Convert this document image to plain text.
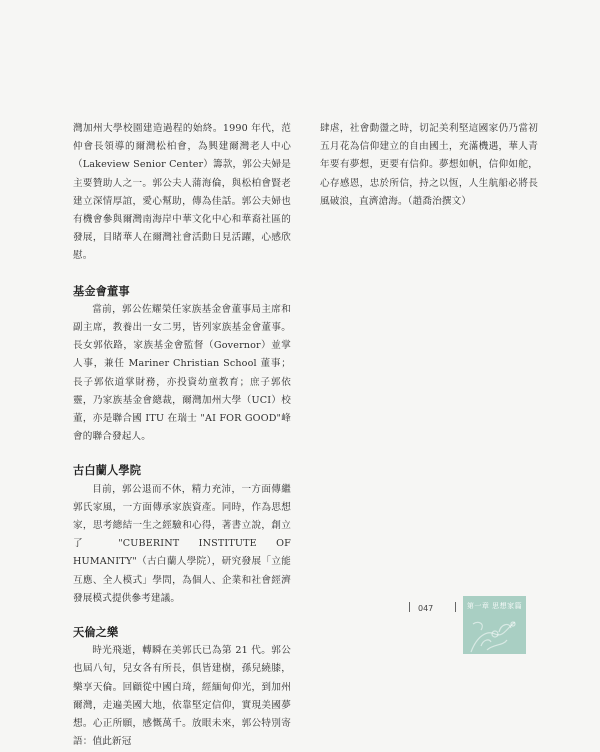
灣加州大學校園建造過程的始終。1990 年代，范仲會長領導的爾灣松柏會，為興建爾灣老人中心（Lakeview Senior Center）籌款，郭公夫婦是主要贊助人之一。郭公夫人蒲海倫，與松柏會賢老建立深情厚誼，愛心幫助，傳為佳話。郭公夫婦也有機會參與爾灣南海岸中華文化中心和華裔社區的發展，目睹華人在爾灣社會活動日見活躍，心感欣慰。

基金會董事

當前，郭公佐耀榮任家族基金會董事局主席和副主席，教養出一女二男，皆列家族基金會董事。長女郭依路，家族基金會監督（Governor）並掌人事，兼任 Mariner Christian School 董事；長子郭依道掌財務，亦投資幼童教育；庶子郭依靈，乃家族基金會總裁，爾灣加州大學（UCI）校董，亦是聯合國 ITU 在瑞士 "AI FOR GOOD"峰會的聯合發起人。

古白蘭人學院

目前，郭公退而不休，精力充沛，一方面傳繼郭氏家風，一方面傳承家族資產。同時，作為思想家，思考總結一生之經驗和心得，著書立說，創立了 "CUBERINT INSTITUTE OF HUMANITY"（古白蘭人學院），研究發展「立能互應、全人模式」學問，為個人、企業和社會經濟發展模式提供參考建議。

天倫之樂

時光飛逝，轉瞬在美郭氏已為第 21 代。郭公也屆八旬，兒女各有所長，俱皆建樹，孫兒繞膝，樂享天倫。回顧從中國白琦，經緬甸仰光，到加州爾灣，走遍美國大地，依靠堅定信仰，實現美國夢想。心正所願，感慨萬千。放眼未來，郭公特別寄語：值此新冠

肆虐，社會動盪之時，切記美利堅這國家仍乃當初五月花為信仰建立的自由國土，充滿機遇，華人青年要有夢想，更要有信仰。夢想如帆，信仰如舵，心存感恩，忠於所信，持之以恆，人生航船必將長風破浪，直濟滄海。（趙喬治撰文）

047	第一章 思想家篇
